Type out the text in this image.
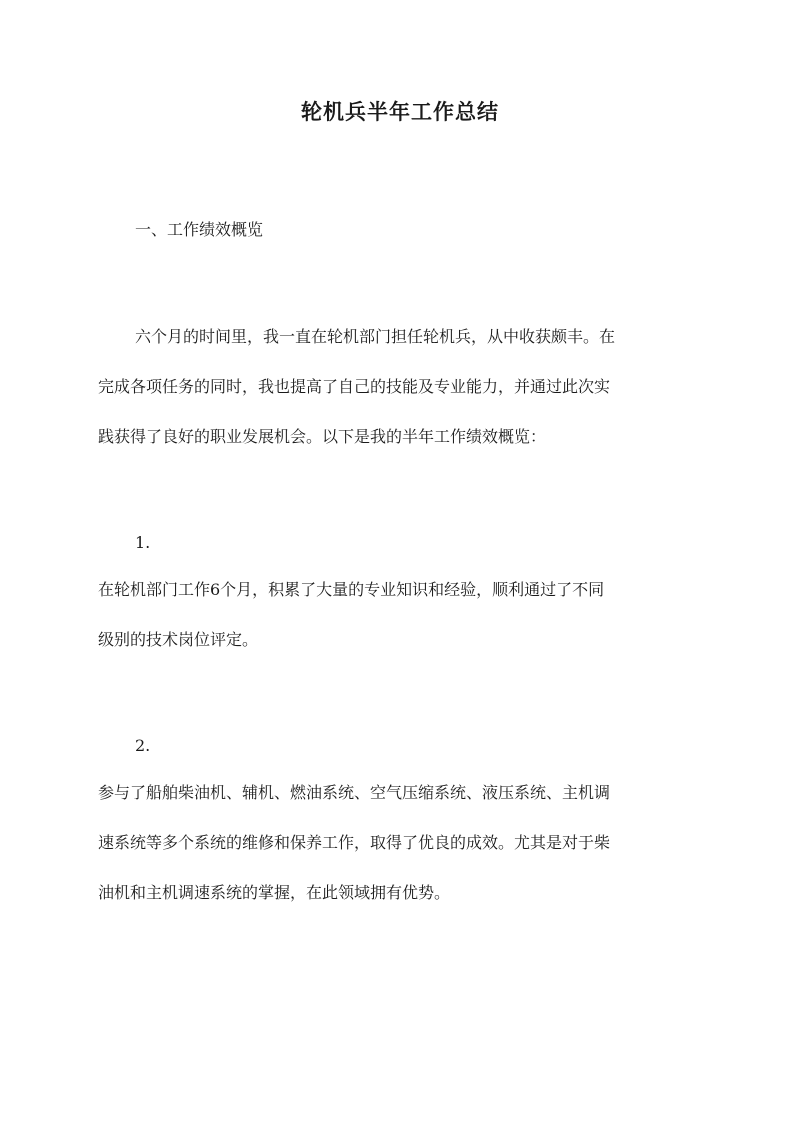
轮机兵半年工作总结

一、工作绩效概览

六个月的时间里，我一直在轮机部门担任轮机兵，从中收获颇丰。在

完成各项任务的同时，我也提高了自己的技能及专业能力，并通过此次实

践获得了良好的职业发展机会。以下是我的半年工作绩效概览：

1.

在轮机部门工作6个月，积累了大量的专业知识和经验，顺利通过了不同

级别的技术岗位评定。

2.

参与了船舶柴油机、辅机、燃油系统、空气压缩系统、液压系统、主机调

速系统等多个系统的维修和保养工作，取得了优良的成效。尤其是对于柴

油机和主机调速系统的掌握，在此领域拥有优势。
